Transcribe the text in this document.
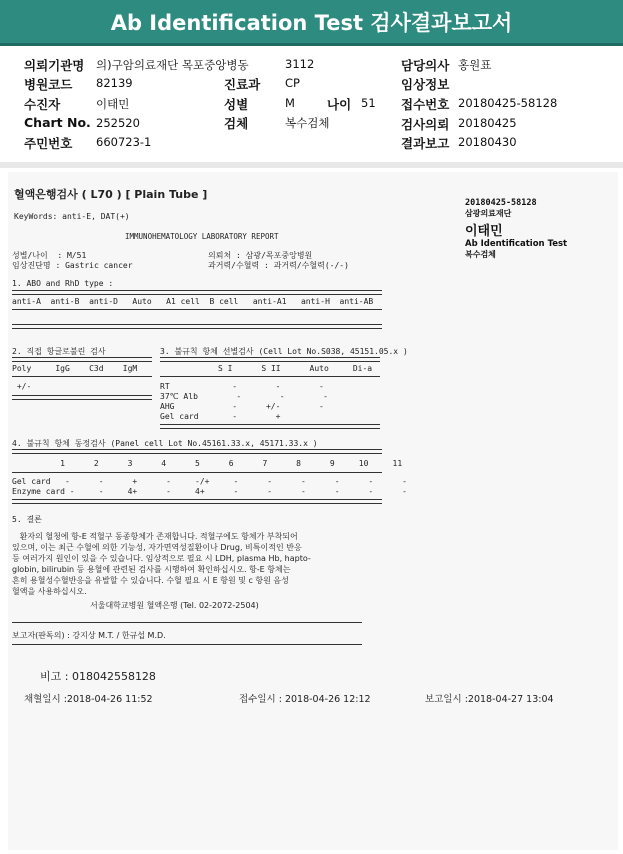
Ab Identification Test 검사결과보고서
의뢰기관명 의)구암의료재단 목포중앙병동	3112	담당의사 홍원표
병원코드 82139	진료과 CP	임상정보
수진자	이태민	성별	M	나이 51 접수번호 20180425-58128
Chart No. 252520	검체	복수검체	검사의뢰 20180425
주민번호 660723-1	결과보고 20180430
20180425-58128
삼광의료재단
이태민
Ab Identification Test
복수검체
혈액은행검사 ( L70 ) [ Plain Tube ]
KeyWords: anti-E, DAT(+)
IMMUNOHEMATOLOGY LABORATORY REPORT
성별/나이  : M/51
임상진단명 : Gastric cancer
의뢰처 : 삼광/목포중앙병원
과거력/수혈력 : 과거력/수혈력(-/-)
1. ABO and RhD type :
anti-A  anti-B  anti-D   Auto   A1 cell  B cell   anti-A1   anti-H  anti-AB
2. 직접 항글로불린 검사
Poly     IgG    C3d    IgM
+/-
3. 불규칙 항체 선별검사 (Cell Lot No.S038, 45151.05.x )
S I      S II      Auto     Di-a
RT             -        -        -
37℃ Alb        -        -        -
AHG            -      +/-        -
Gel card       -        +
4. 불규칙 항체 동정검사 (Panel cell Lot No.45161.33.x, 45171.33.x )
1      2      3      4      5      6      7      8      9     10     11
Gel card   -      -      +      -     -/+     -      -      -      -      -      -
Enzyme card -     -     4+      -     4+      -      -      -      -      -      -
5. 결론
환자의 혈청에 항-E 적혈구 동종항체가 존재합니다. 적혈구에도 항체가 부착되어
있으며, 이는 최근 수혈에 의한 기능성, 자가면역성질환이나 Drug, 비특이적인 반응
등 여러가지 원인이 있을 수 있습니다. 임상적으로 필요 시 LDH, plasma Hb, hapto-
globin, bilirubin 등 용혈에 관련된 검사를 시행하여 확인하십시오. 항-E 항체는
흔히 용혈성수혈반응을 유발할 수 있습니다. 수혈 필요 시 E 항원 및 c 항원 음성
혈액을 사용하십시오.
서울대학교병원 혈액은행 (Tel. 02-2072-2504)
보고자(판독의) : 강지상 M.T. / 한규섭 M.D.
비고 : 018042558128
채혈일시 :2018-04-26 11:52	접수일시 : 2018-04-26 12:12	보고일시 :2018-04-27 13:04
